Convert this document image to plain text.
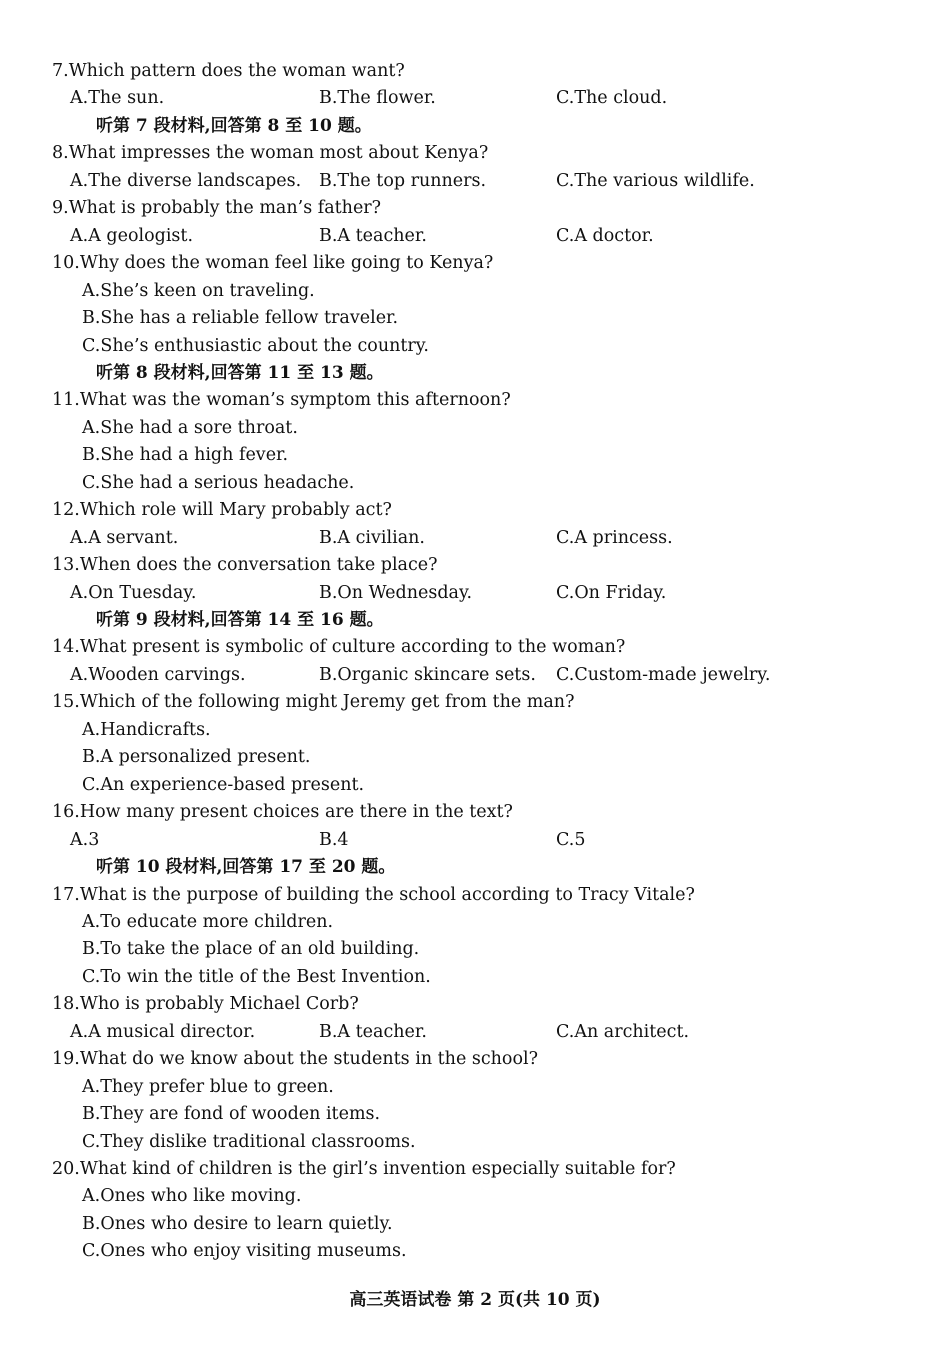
7.Which pattern does the woman want?
A.The sun.	B.The flower.	C.The cloud.
听第 7 段材料,回答第 8 至 10 题。
8.What impresses the woman most about Kenya?
A.The diverse landscapes. B.The top runners.	C.The various wildlife.
9.What is probably the man’s father?
A.A geologist.	B.A teacher.	C.A doctor.
10.Why does the woman feel like going to Kenya?
A.She’s keen on traveling.
B.She has a reliable fellow traveler.
C.She’s enthusiastic about the country.
听第 8 段材料,回答第 11 至 13 题。
11.What was the woman’s symptom this afternoon?
A.She had a sore throat.
B.She had a high fever.
C.She had a serious headache.
12.Which role will Mary probably act?
A.A servant.	B.A civilian.	C.A princess.
13.When does the conversation take place?
A.On Tuesday.	B.On Wednesday.	C.On Friday.
听第 9 段材料,回答第 14 至 16 题。
14.What present is symbolic of culture according to the woman?
A.Wooden carvings.	B.Organic skincare sets. C.Custom-made jewelry.
15.Which of the following might Jeremy get from the man?
A.Handicrafts.
B.A personalized present.
C.An experience-based present.
16.How many present choices are there in the text?
A.3	B.4	C.5
听第 10 段材料,回答第 17 至 20 题。
17.What is the purpose of building the school according to Tracy Vitale?
A.To educate more children.
B.To take the place of an old building.
C.To win the title of the Best Invention.
18.Who is probably Michael Corb?
A.A musical director.	B.A teacher.	C.An architect.
19.What do we know about the students in the school?
A.They prefer blue to green.
B.They are fond of wooden items.
C.They dislike traditional classrooms.
20.What kind of children is the girl’s invention especially suitable for?
A.Ones who like moving.
B.Ones who desire to learn quietly.
C.Ones who enjoy visiting museums.
高三英语试卷 第 2 页(共 10 页)
